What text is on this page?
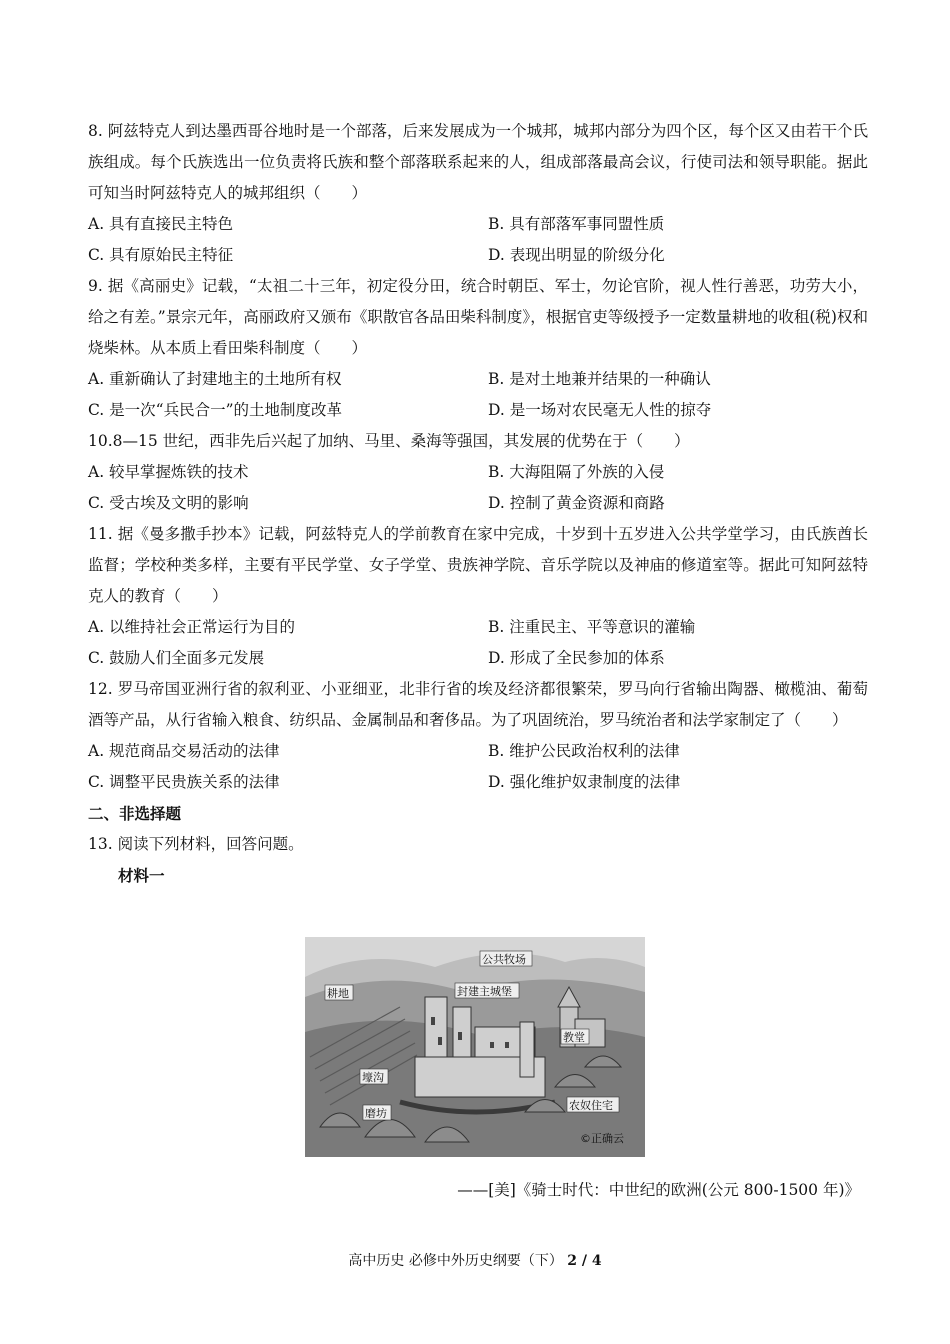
8. 阿兹特克人到达墨西哥谷地时是一个部落，后来发展成为一个城邦，城邦内部分为四个区，每个区又由若干个氏族组成。每个氏族选出一位负责将氏族和整个部落联系起来的人，组成部落最高会议，行使司法和领导职能。据此可知当时阿兹特克人的城邦组织（　　）

A. 具有直接民主特色	B. 具有部落军事同盟性质
C. 具有原始民主特征	D. 表现出明显的阶级分化

9. 据《高丽史》记载，“太祖二十三年，初定役分田，统合时朝臣、军士，勿论官阶，视人性行善恶，功劳大小，给之有差。”景宗元年，高丽政府又颁布《职散官各品田柴科制度》，根据官吏等级授予一定数量耕地的收租(税)权和烧柴林。从本质上看田柴科制度（　　）

A. 重新确认了封建地主的土地所有权	B. 是对土地兼并结果的一种确认
C. 是一次“兵民合一”的土地制度改革	D. 是一场对农民毫无人性的掠夺

10.8—15 世纪，西非先后兴起了加纳、马里、桑海等强国，其发展的优势在于（　　）

A. 较早掌握炼铁的技术	B. 大海阻隔了外族的入侵
C. 受古埃及文明的影响	D. 控制了黄金资源和商路

11. 据《曼多撒手抄本》记载，阿兹特克人的学前教育在家中完成，十岁到十五岁进入公共学堂学习，由氏族酋长监督；学校种类多样，主要有平民学堂、女子学堂、贵族神学院、音乐学院以及神庙的修道室等。据此可知阿兹特克人的教育（　　）

A. 以维持社会正常运行为目的	B. 注重民主、平等意识的灌输
C. 鼓励人们全面多元发展	D. 形成了全民参加的体系

12. 罗马帝国亚洲行省的叙利亚、小亚细亚，北非行省的埃及经济都很繁荣，罗马向行省输出陶器、橄榄油、葡萄酒等产品，从行省输入粮食、纺织品、金属制品和奢侈品。为了巩固统治，罗马统治者和法学家制定了（　　）

A. 规范商品交易活动的法律	B. 维护公民政治权利的法律
C. 调整平民贵族关系的法律	D. 强化维护奴隶制度的法律
二、非选择题
13. 阅读下列材料，回答问题。
材料一
公共牧场
封建主城堡
耕地
教堂
壕沟
磨坊
农奴住宅
©正确云
——[美]《骑士时代：中世纪的欧洲(公元 800-1500 年)》
高中历史 必修中外历史纲要（下） 2 / 4
